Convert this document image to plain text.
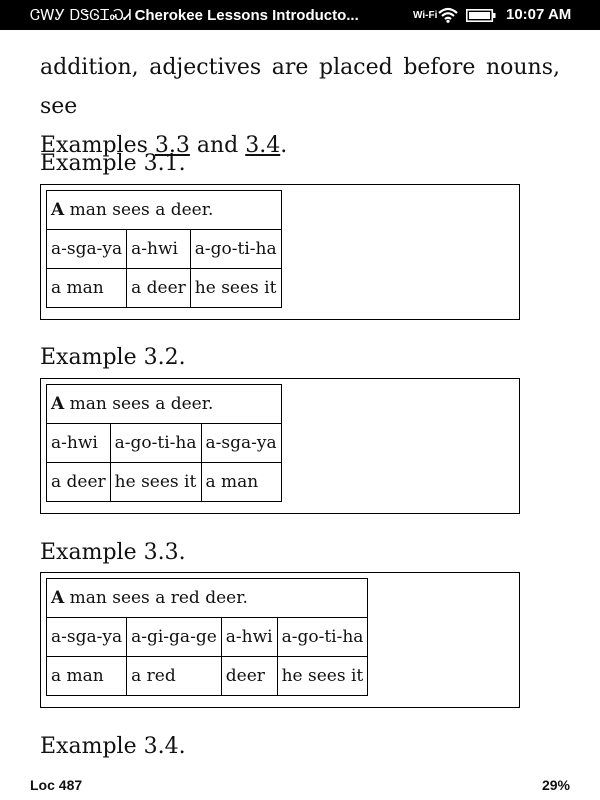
ᏣᎳᎩ ᎠᏕᎶᏆᏍᏗ Cherokee Lessons Introducto...	Wi-Fi	10:07 AM

addition, adjectives are placed before nouns, see
Examples 3.3 and 3.4.

Example 3.1.
A man sees a deer.		
a-sga-ya	a-hwi	a-go-ti-ha
a man	a deer	he sees it
Example 3.2.
A man sees a deer.		
a-hwi	a-go-ti-ha	a-sga-ya
a deer	he sees it	a man
Example 3.3.
A man sees a red deer.			
a-sga-ya	a-gi-ga-ge	a-hwi	a-go-ti-ha
a man	a red	deer	he sees it
Example 3.4.
Loc 487	29%
